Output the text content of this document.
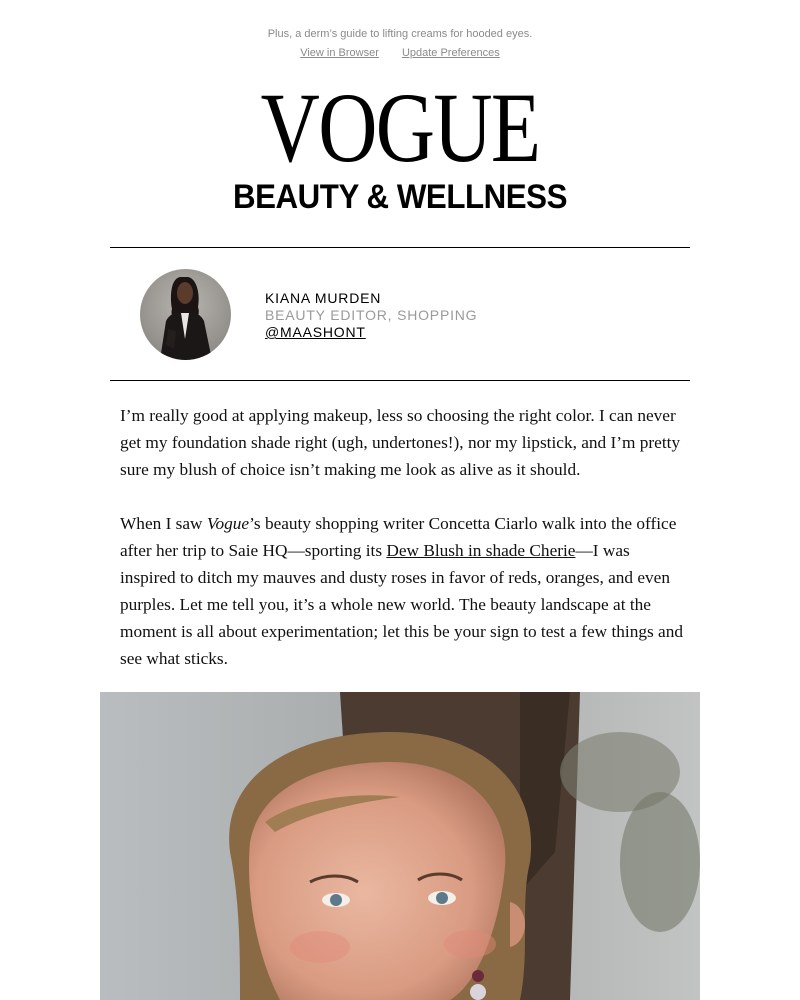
Plus, a derm’s guide to lifting creams for hooded eyes.
View in Browser Update Preferences
VOGUE
BEAUTY & WELLNESS
KIANA MURDEN
BEAUTY EDITOR, SHOPPING
@MAASHONT

I’m really good at applying makeup, less so choosing the right color. I can never get my foundation shade right (ugh, undertones!), nor my lipstick, and I’m pretty sure my blush of choice isn’t making me look as alive as it should.

When I saw Vogue’s beauty shopping writer Concetta Ciarlo walk into the office after her trip to Saie HQ—sporting its Dew Blush in shade Cherie—I was inspired to ditch my mauves and dusty roses in favor of reds, oranges, and even purples. Let me tell you, it’s a whole new world. The beauty landscape at the moment is all about experimentation; let this be your sign to test a few things and see what sticks.
